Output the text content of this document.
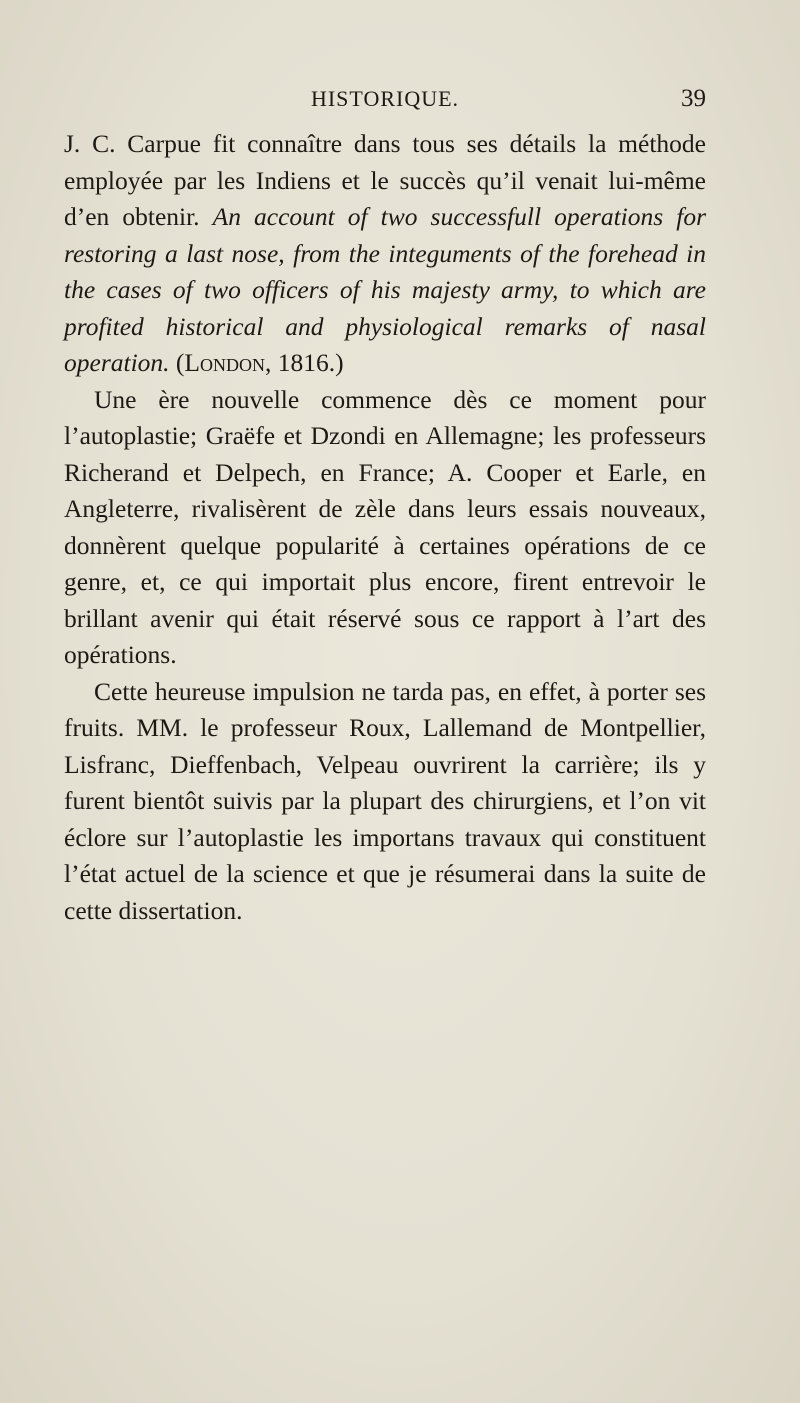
HISTORIQUE.	39

J. C. Carpue fit connaître dans tous ses détails la méthode employée par les Indiens et le succès qu’il venait lui-même d’en obtenir. An account of two successfull operations for restoring a last nose, from the integuments of the forehead in the cases of two officers of his majesty army, to which are profited historical and physiological remarks of nasal operation. (London, 1816.)

Une ère nouvelle commence dès ce moment pour l’autoplastie; Graëfe et Dzondi en Allemagne; les professeurs Richerand et Delpech, en France; A. Cooper et Earle, en Angleterre, rivalisèrent de zèle dans leurs essais nouveaux, donnèrent quelque popularité à certaines opérations de ce genre, et, ce qui importait plus encore, firent entrevoir le brillant avenir qui était réservé sous ce rapport à l’art des opérations.

Cette heureuse impulsion ne tarda pas, en effet, à porter ses fruits. MM. le professeur Roux, Lallemand de Montpellier, Lisfranc, Dieffenbach, Velpeau ouvrirent la carrière; ils y furent bientôt suivis par la plupart des chirurgiens, et l’on vit éclore sur l’autoplastie les importans travaux qui constituent l’état actuel de la science et que je résumerai dans la suite de cette dissertation.
